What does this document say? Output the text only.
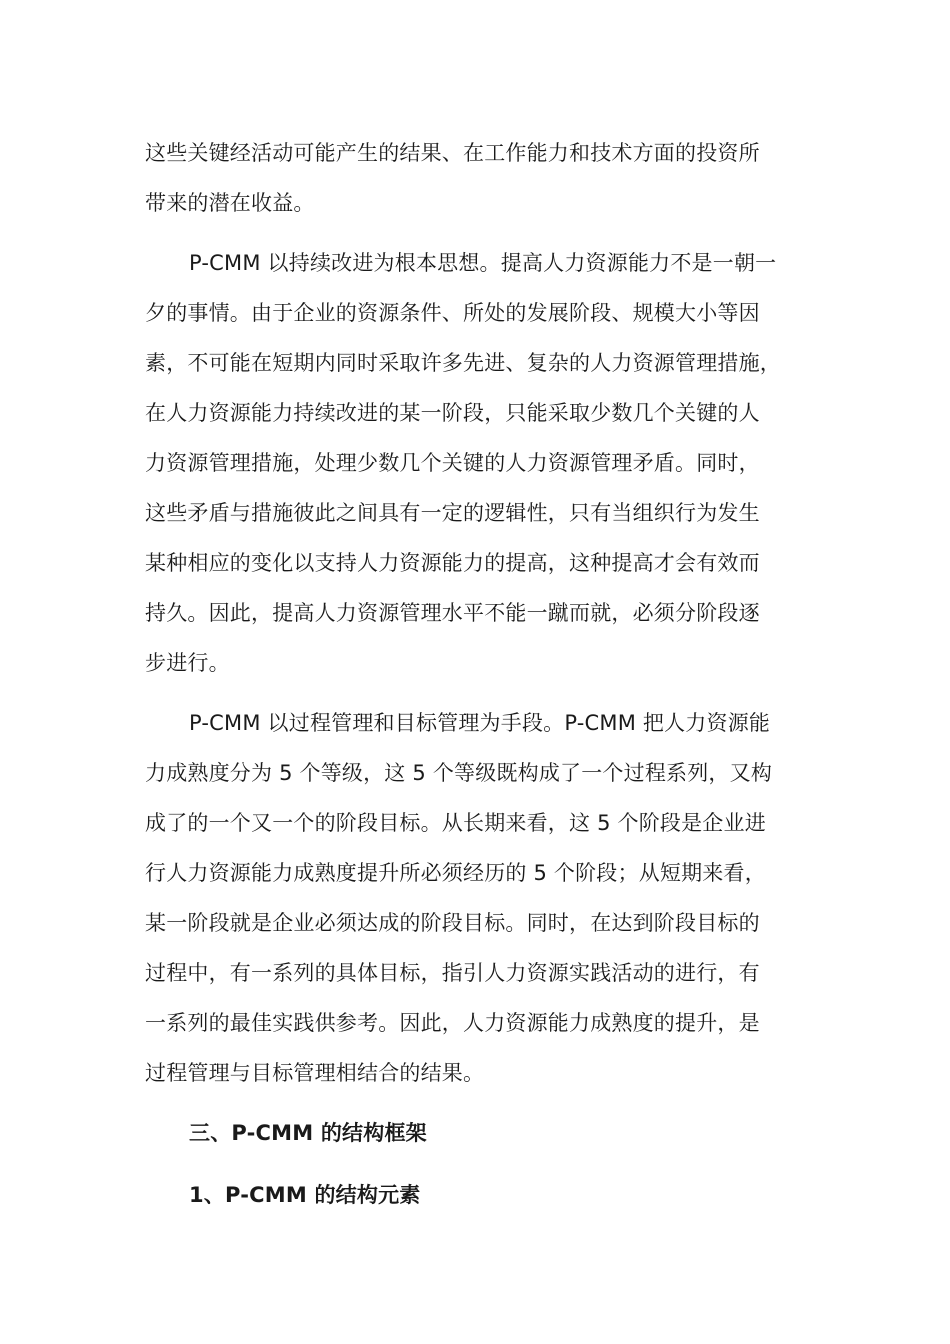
这些关键经活动可能产生的结果、在工作能力和技术方面的投资所
带来的潜在收益。
P-CMM 以持续改进为根本思想。提高人力资源能力不是一朝一
夕的事情。由于企业的资源条件、所处的发展阶段、规模大小等因
素，不可能在短期内同时采取许多先进、复杂的人力资源管理措施，
在人力资源能力持续改进的某一阶段，只能采取少数几个关键的人
力资源管理措施，处理少数几个关键的人力资源管理矛盾。同时，
这些矛盾与措施彼此之间具有一定的逻辑性，只有当组织行为发生
某种相应的变化以支持人力资源能力的提高，这种提高才会有效而
持久。因此，提高人力资源管理水平不能一蹴而就，必须分阶段逐
步进行。
P-CMM 以过程管理和目标管理为手段。P-CMM 把人力资源能
力成熟度分为 5 个等级，这 5 个等级既构成了一个过程系列，又构
成了的一个又一个的阶段目标。从长期来看，这 5 个阶段是企业进
行人力资源能力成熟度提升所必须经历的 5 个阶段；从短期来看，
某一阶段就是企业必须达成的阶段目标。同时，在达到阶段目标的
过程中，有一系列的具体目标，指引人力资源实践活动的进行，有
一系列的最佳实践供参考。因此，人力资源能力成熟度的提升，是
过程管理与目标管理相结合的结果。
三、P-CMM 的结构框架
1、P-CMM 的结构元素
